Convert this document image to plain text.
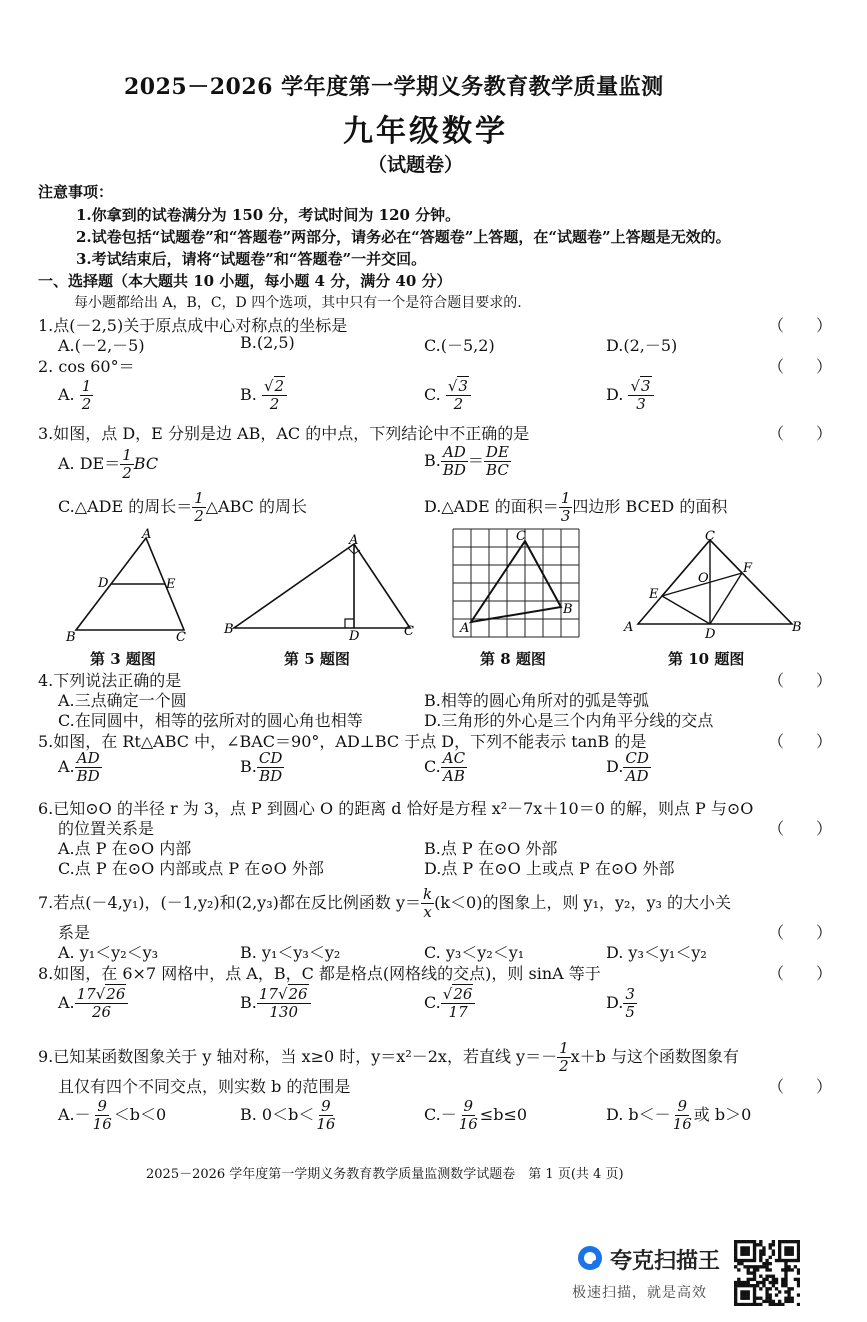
2025－2026 学年度第一学期义务教育教学质量监测
九年级数学
（试题卷）
注意事项：
1.你拿到的试卷满分为 150 分，考试时间为 120 分钟。
2.试卷包括“试题卷”和“答题卷”两部分，请务必在“答题卷”上答题，在“试题卷”上答题是无效的。
3.考试结束后，请将“试题卷”和“答题卷”一并交回。
一、选择题（本大题共 10 小题，每小题 4 分，满分 40 分）
每小题都给出 A，B，C，D 四个选项，其中只有一个是符合题目要求的.
1.点(－2,5)关于原点成中心对称点的坐标是	（　　）
A.(－2,－5)	B.(2,5)	C.(－5,2)	D.(2,－5)
2. cos 60°＝	（　　）
A. $\frac{1}{2}$	B. $\frac{√2}{2}$	C. $\frac{√3}{2}$	D. $\frac{√3}{3}$
3.如图，点 D，E 分别是边 AB，AC 的中点，下列结论中不正确的是	（　　）
A. $DE= \frac{1}{2}$ BC	B. $\frac{AD}{BD} = \frac{DE}{BC}$
C.△ADE 的周长＝ $\frac{1}{2}$ △ABC 的周长	D.△ADE 的面积＝ $\frac{1}{3}$ 四边形 BCED 的面积
A
D	E
B	C
第 3 题图
A
B	D	C
第 5 题图
A
B
C
第 8 题图
C
E
O
F
A	D	B
第 10 题图
4.下列说法正确的是	（　　）
A.三点确定一个圆	B.相等的圆心角所对的弧是等弧
C.在同圆中，相等的弦所对的圆心角也相等	D.三角形的外心是三个内角平分线的交点
5.如图，在 Rt△ABC 中，∠BAC＝90°，AD⊥BC 于点 D，下列不能表示 tanB 的是	（　　）
A. $\frac{AD}{BD}$	B. $\frac{CD}{BD}$	C. $\frac{AC}{AB}$	D. $\frac{CD}{AD}$
6.已知⊙O 的半径 r 为 3，点 P 到圆心 O 的距离 d 恰好是方程 x²－7x＋10＝0 的解，则点 P 与⊙O
的位置关系是	（　　）
A.点 P 在⊙O 内部	B.点 P 在⊙O 外部
C.点 P 在⊙O 内部或点 P 在⊙O 外部	D.点 P 在⊙O 上或点 P 在⊙O 外部
7.若点(－4,y₁)，(－1,y₂)和(2,y₃)都在反比例函数 $y= \frac{k}{x} (k<0)$的图象上，则 y₁，y₂，y₃ 的大小关
系是	（　　）
A. y₁＜y₂＜y₃	B. y₁＜y₃＜y₂	C. y₃＜y₂＜y₁	D. y₃＜y₁＜y₂
8.如图，在 6×7 网格中，点 A，B，C 都是格点(网格线的交点)，则 sinA 等于	（　　）
A. $\frac{17√26}{26}$	B. $\frac{17√26}{130}$	C. $\frac{√26}{17}$	D. $\frac{3}{5}$
9.已知某函数图象关于 y 轴对称，当 x≥0 时，y＝x²－2x，若直线 $y=- \frac{1}{2} x+b$ 与这个函数图象有
且仅有四个不同交点，则实数 b 的范围是	（　　）
$A.- \frac{9}{16} <b<0$	B. $0<b< \frac{9}{16}$	$C.- \frac{9}{16} \le b\le 0$	D. $b<- \frac{9}{16}$ 或 b＞0
2025－2026 学年度第一学期义务教育教学质量监测数学试题卷　第 1 页(共 4 页)
夸克扫描王
极速扫描，就是高效
